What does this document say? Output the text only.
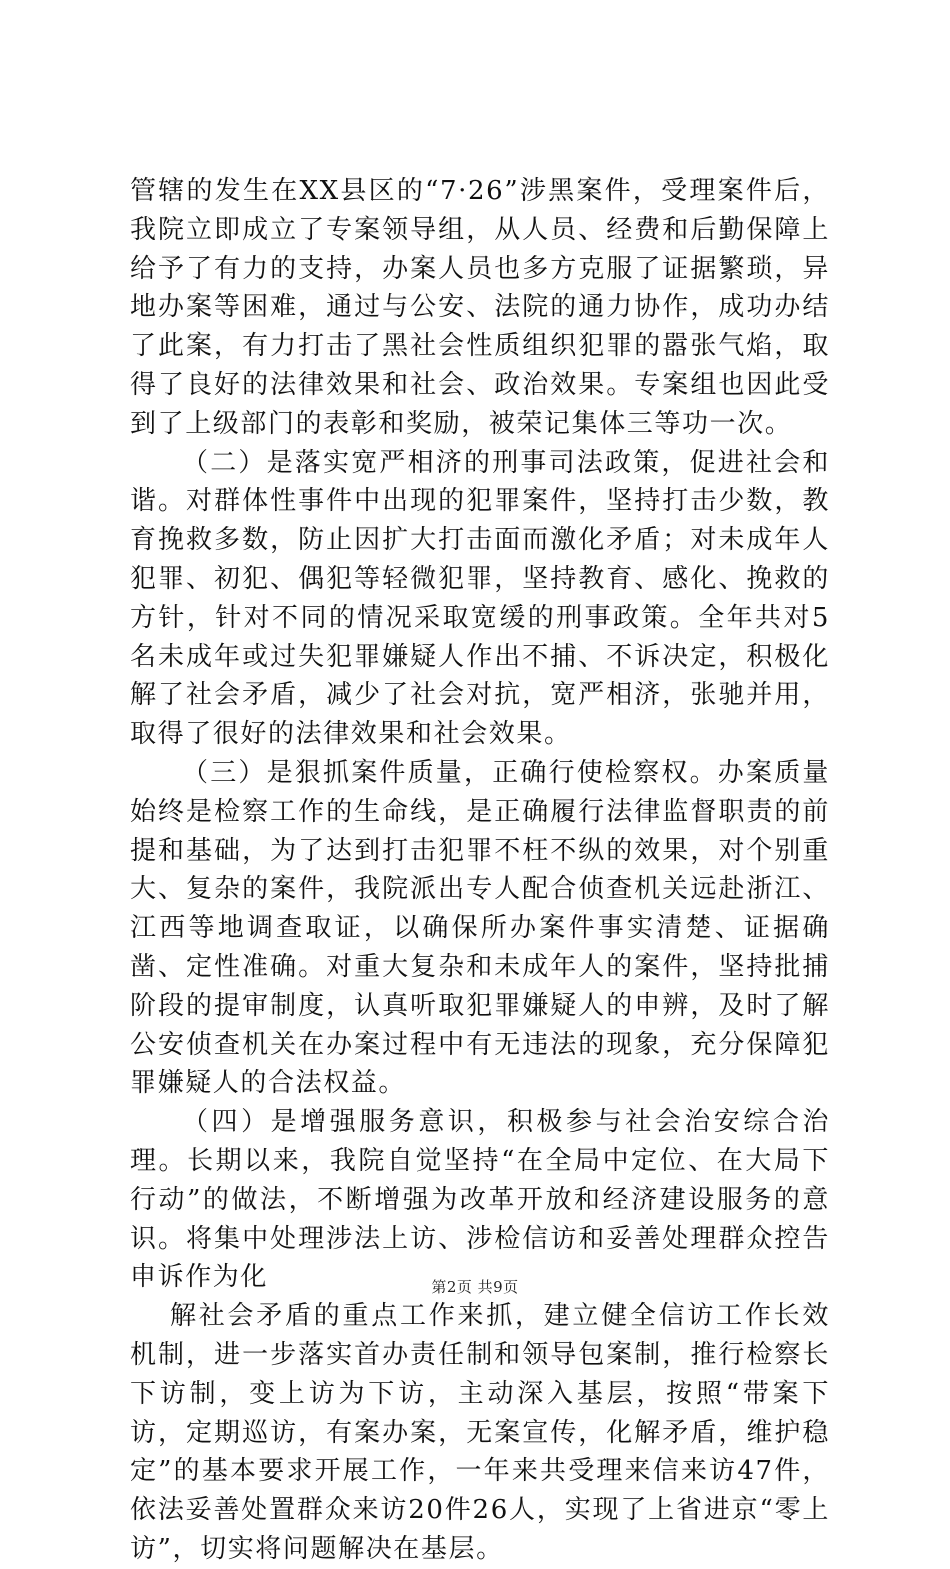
管辖的发生在XX县区的“7·26”涉黑案件，受理案件后，我院立即成立了专案领导组，从人员、经费和后勤保障上给予了有力的支持，办案人员也多方克服了证据繁琐，异地办案等困难，通过与公安、法院的通力协作，成功办结了此案，有力打击了黑社会性质组织犯罪的嚣张气焰，取得了良好的法律效果和社会、政治效果。专案组也因此受到了上级部门的表彰和奖励，被荣记集体三等功一次。

（二）是落实宽严相济的刑事司法政策，促进社会和谐。对群体性事件中出现的犯罪案件，坚持打击少数，教育挽救多数，防止因扩大打击面而激化矛盾；对未成年人犯罪、初犯、偶犯等轻微犯罪，坚持教育、感化、挽救的方针，针对不同的情况采取宽缓的刑事政策。全年共对5名未成年或过失犯罪嫌疑人作出不捕、不诉决定，积极化解了社会矛盾，减少了社会对抗，宽严相济，张驰并用，取得了很好的法律效果和社会效果。

（三）是狠抓案件质量，正确行使检察权。办案质量始终是检察工作的生命线，是正确履行法律监督职责的前提和基础，为了达到打击犯罪不枉不纵的效果，对个别重大、复杂的案件，我院派出专人配合侦查机关远赴浙江、江西等地调查取证，以确保所办案件事实清楚、证据确凿、定性准确。对重大复杂和未成年人的案件，坚持批捕阶段的提审制度，认真听取犯罪嫌疑人的申辨，及时了解公安侦查机关在办案过程中有无违法的现象，充分保障犯罪嫌疑人的合法权益。

（四）是增强服务意识，积极参与社会治安综合治理。长期以来，我院自觉坚持“在全局中定位、在大局下行动”的做法，不断增强为改革开放和经济建设服务的意识。将集中处理涉法上访、涉检信访和妥善处理群众控告申诉作为化

解社会矛盾的重点工作来抓，建立健全信访工作长效机制，进一步落实首办责任制和领导包案制，推行检察长下访制，变上访为下访，主动深入基层，按照“带案下访，定期巡访，有案办案，无案宣传，化解矛盾，维护稳定”的基本要求开展工作，一年来共受理来信来访47件，依法妥善处置群众来访20件26人，实现了上省进京“零上访”，切实将问题解决在基层。

第2页 共9页
